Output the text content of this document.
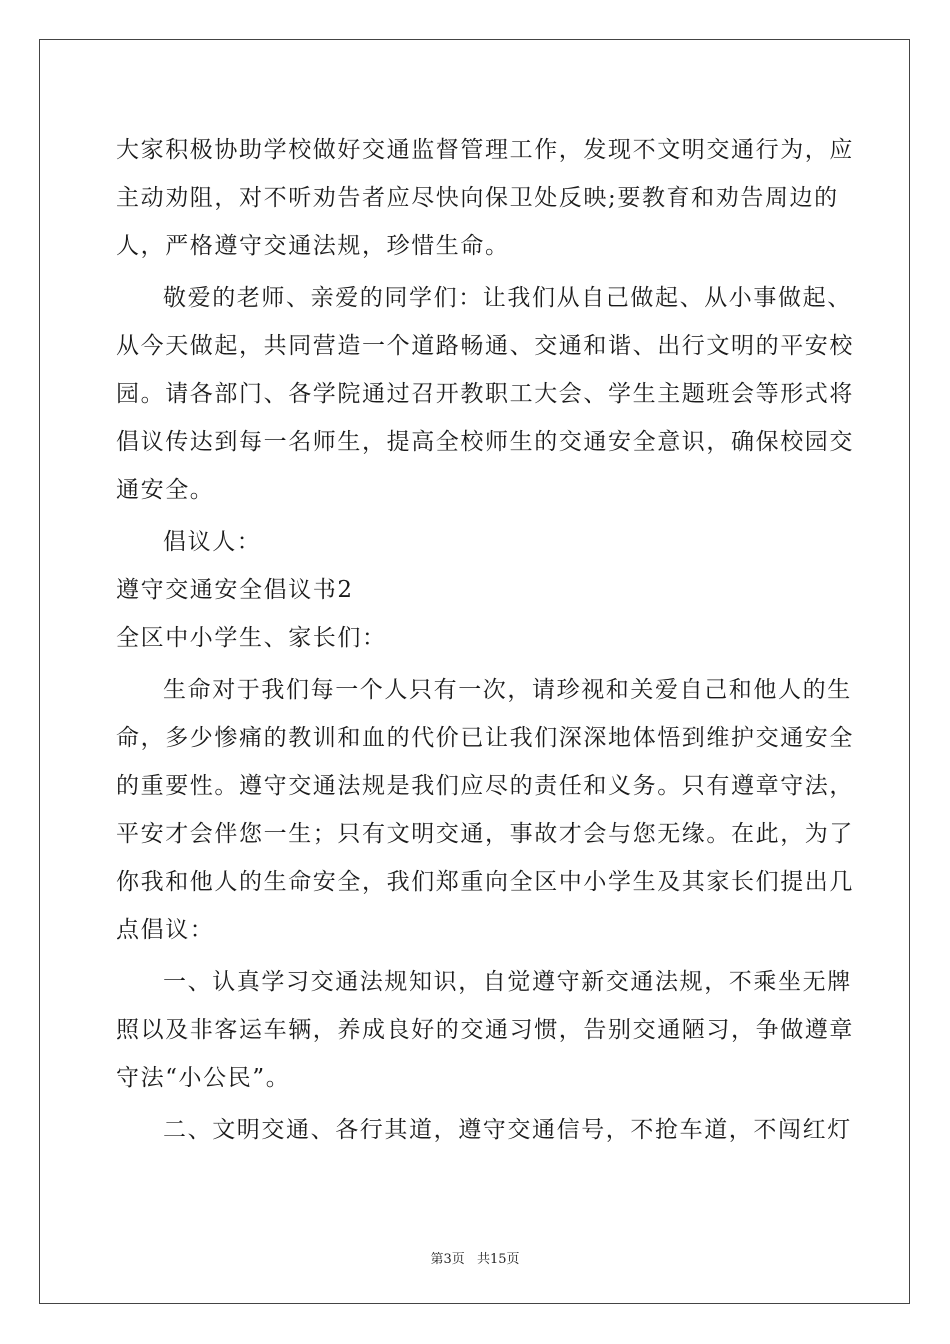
大家积极协助学校做好交通监督管理工作，发现不文明交通行为，应
主动劝阻，对不听劝告者应尽快向保卫处反映;要教育和劝告周边的
人，严格遵守交通法规，珍惜生命。
敬爱的老师、亲爱的同学们：让我们从自己做起、从小事做起、
从今天做起，共同营造一个道路畅通、交通和谐、出行文明的平安校
园。请各部门、各学院通过召开教职工大会、学生主题班会等形式将
倡议传达到每一名师生，提高全校师生的交通安全意识，确保校园交
通安全。
倡议人：
遵守交通安全倡议书2
全区中小学生、家长们：
生命对于我们每一个人只有一次，请珍视和关爱自己和他人的生
命，多少惨痛的教训和血的代价已让我们深深地体悟到维护交通安全
的重要性。遵守交通法规是我们应尽的责任和义务。只有遵章守法，
平安才会伴您一生；只有文明交通，事故才会与您无缘。在此，为了
你我和他人的生命安全，我们郑重向全区中小学生及其家长们提出几
点倡议：
一、认真学习交通法规知识，自觉遵守新交通法规，不乘坐无牌
照以及非客运车辆，养成良好的交通习惯，告别交通陋习，争做遵章
守法“小公民”。
二、文明交通、各行其道，遵守交通信号，不抢车道，不闯红灯
第3页 共15页
